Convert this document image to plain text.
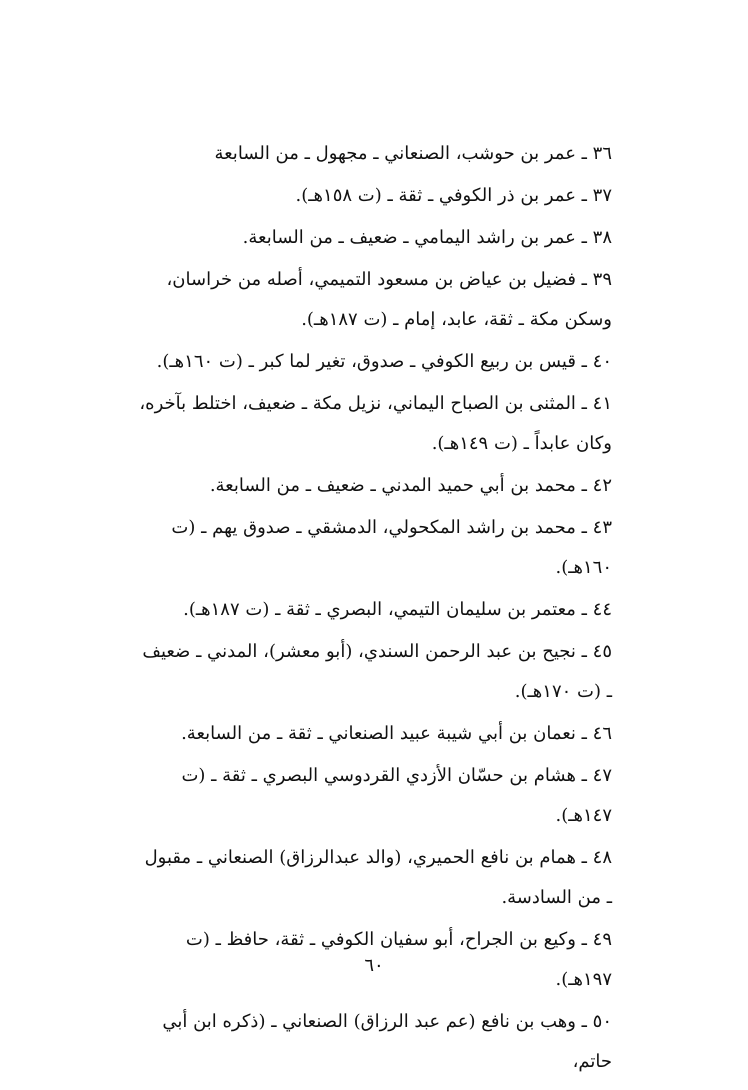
٣٦ ـ عمر بن حوشب، الصنعاني ـ مجهول ـ من السابعة

٣٧ ـ عمر بن ذر الكوفي ـ ثقة ـ (ت ١٥٨هـ).

٣٨ ـ عمر بن راشد اليمامي ـ ضعيف ـ من السابعة.

٣٩ ـ فضيل بن عياض بن مسعود التميمي، أصله من خراسان، وسكن مكة ـ ثقة، عابد، إمام ـ (ت ١٨٧هـ).

٤٠ ـ قيس بن ربيع الكوفي ـ صدوق، تغير لما كبر ـ (ت ١٦٠هـ).

٤١ ـ المثنى بن الصباح اليماني، نزيل مكة ـ ضعيف، اختلط بآخره، وكان عابداً ـ (ت ١٤٩هـ).

٤٢ ـ محمد بن أبي حميد المدني ـ ضعيف ـ من السابعة.

٤٣ ـ محمد بن راشد المكحولي، الدمشقي ـ صدوق يهم ـ (ت ١٦٠هـ).

٤٤ ـ معتمر بن سليمان التيمي، البصري ـ ثقة ـ (ت ١٨٧هـ).

٤٥ ـ نجيح بن عبد الرحمن السندي، (أبو معشر)، المدني ـ ضعيف ـ (ت ١٧٠هـ).

٤٦ ـ نعمان بن أبي شيبة عبيد الصنعاني ـ ثقة ـ من السابعة.

٤٧ ـ هشام بن حسّان الأزدي القردوسي البصري ـ ثقة ـ (ت ١٤٧هـ).

٤٨ ـ همام بن نافع الحميري، (والد عبدالرزاق) الصنعاني ـ مقبول ـ من السادسة.

٤٩ ـ وكيع بن الجراح، أبو سفيان الكوفي ـ ثقة، حافظ ـ (ت ١٩٧هـ).

٥٠ ـ وهب بن نافع (عم عبد الرزاق) الصنعاني ـ (ذكره ابن أبي حاتم،

٦٠
